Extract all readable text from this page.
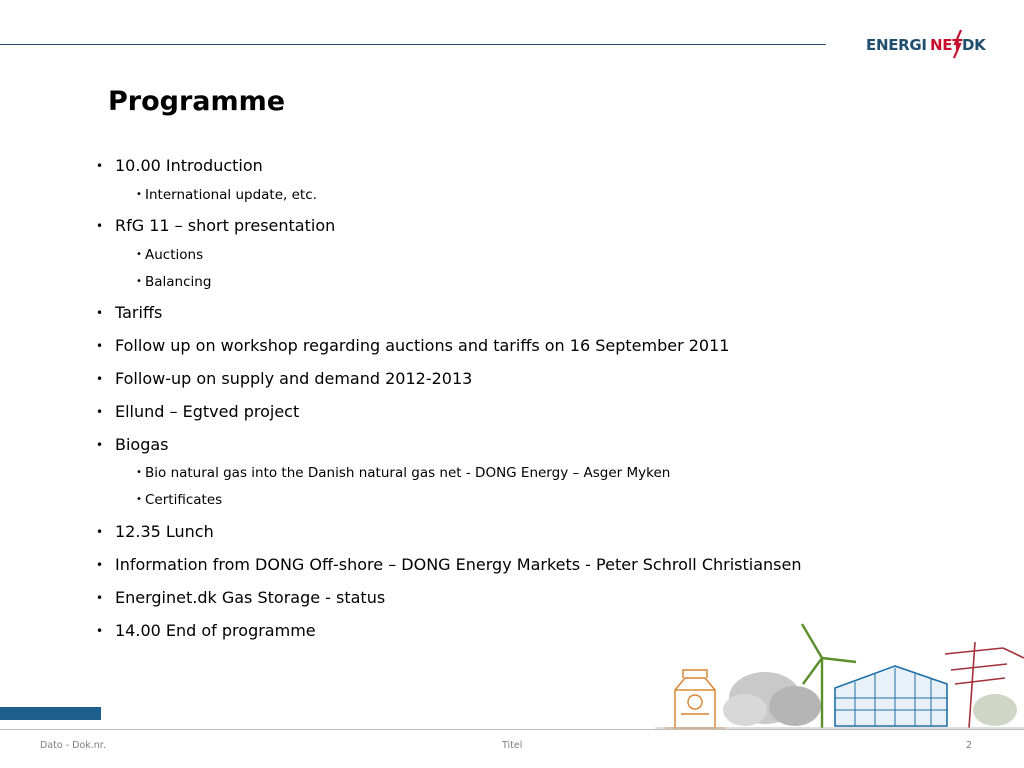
ENERGI NET DK
Programme
• 10.00 Introduction
• International update, etc.
• RfG 11 – short presentation
• Auctions
• Balancing
• Tariffs
• Follow up on workshop regarding auctions and tariffs on 16 September 2011
• Follow-up on supply and demand 2012-2013
• Ellund – Egtved project
• Biogas
• Bio natural gas into the Danish natural gas net - DONG Energy – Asger Myken
• Certificates
• 12.35 Lunch
• Information from DONG Off-shore – DONG Energy Markets - Peter Schroll Christiansen
• Energinet.dk Gas Storage - status
• 14.00 End of programme
Dato - Dok.nr.	Titel	2
